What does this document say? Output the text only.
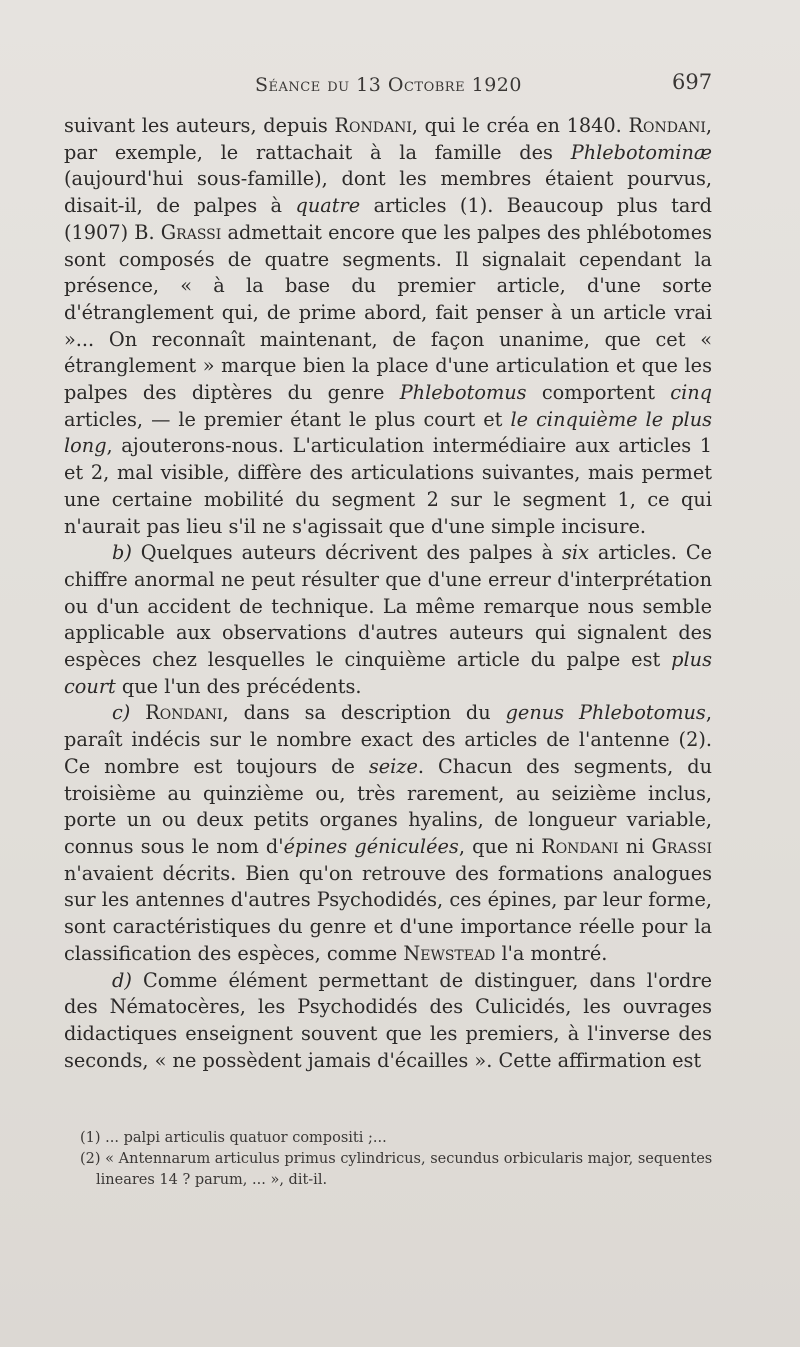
Séance du 13 Octobre 1920	697

suivant les auteurs, depuis Rondani, qui le créa en 1840. Rondani, par exemple, le rattachait à la famille des Phlebotominæ (aujourd'hui sous-famille), dont les membres étaient pourvus, disait-il, de palpes à quatre articles (1). Beaucoup plus tard (1907) B. Grassi admettait encore que les palpes des phlébotomes sont composés de quatre segments. Il signalait cependant la présence, « à la base du premier article, d'une sorte d'étranglement qui, de prime abord, fait penser à un article vrai »... On reconnaît maintenant, de façon unanime, que cet « étranglement » marque bien la place d'une articulation et que les palpes des diptères du genre Phlebotomus comportent cinq articles, — le premier étant le plus court et le cinquième le plus long, ajouterons-nous. L'articulation intermédiaire aux articles 1 et 2, mal visible, diffère des articulations suivantes, mais permet une certaine mobilité du segment 2 sur le segment 1, ce qui n'aurait pas lieu s'il ne s'agissait que d'une simple incisure.

b) Quelques auteurs décrivent des palpes à six articles. Ce chiffre anormal ne peut résulter que d'une erreur d'interprétation ou d'un accident de technique. La même remarque nous semble applicable aux observations d'autres auteurs qui signalent des espèces chez lesquelles le cinquième article du palpe est plus court que l'un des précédents.

c) Rondani, dans sa description du genus Phlebotomus, paraît indécis sur le nombre exact des articles de l'antenne (2). Ce nombre est toujours de seize. Chacun des segments, du troisième au quinzième ou, très rarement, au seizième inclus, porte un ou deux petits organes hyalins, de longueur variable, connus sous le nom d'épines géniculées, que ni Rondani ni Grassi n'avaient décrits. Bien qu'on retrouve des formations analogues sur les antennes d'autres Psychodidés, ces épines, par leur forme, sont caractéristiques du genre et d'une importance réelle pour la classification des espèces, comme Newstead l'a montré.

d) Comme élément permettant de distinguer, dans l'ordre des Nématocères, les Psychodidés des Culicidés, les ouvrages didactiques enseignent souvent que les premiers, à l'inverse des seconds, « ne possèdent jamais d'écailles ». Cette affirmation est

(1) ... palpi articulis quatuor compositi ;...

(2) « Antennarum articulus primus cylindricus, secundus orbicularis major, sequentes lineares 14 ? parum, ... », dit-il.
